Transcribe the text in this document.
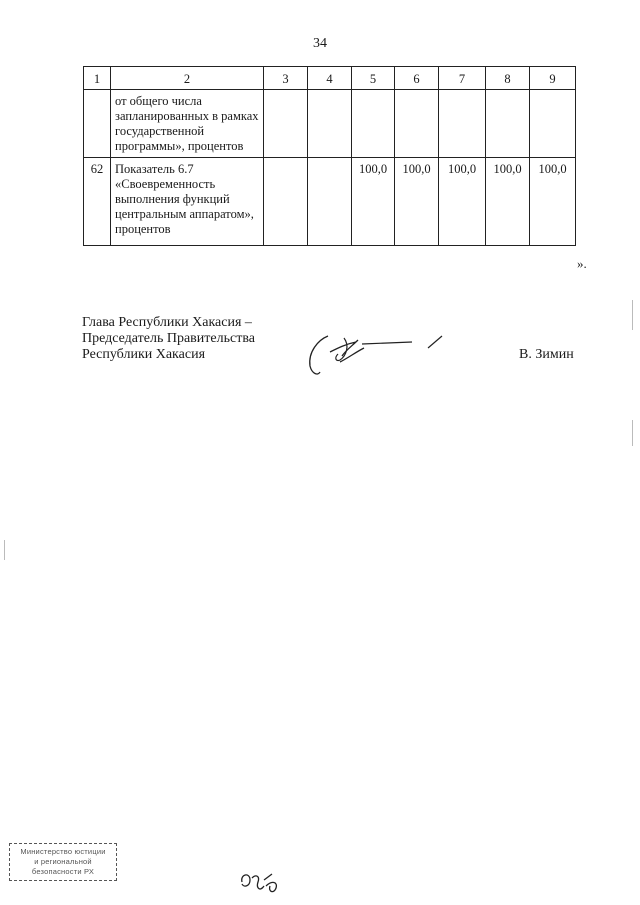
34
1	2	3	4	5	6	7	8	9
	от общего числа запланированных в рамках государственной программы», процентов							
62	Показатель 6.7 «Своевременность выполнения функций центральным аппаратом», процентов			100,0	100,0	100,0	100,0	100,0
».
Глава Республики Хакасия –
Председатель Правительства
Республики Хакасия	В. Зимин
Министерство юстиции
и региональной
безопасности РХ
